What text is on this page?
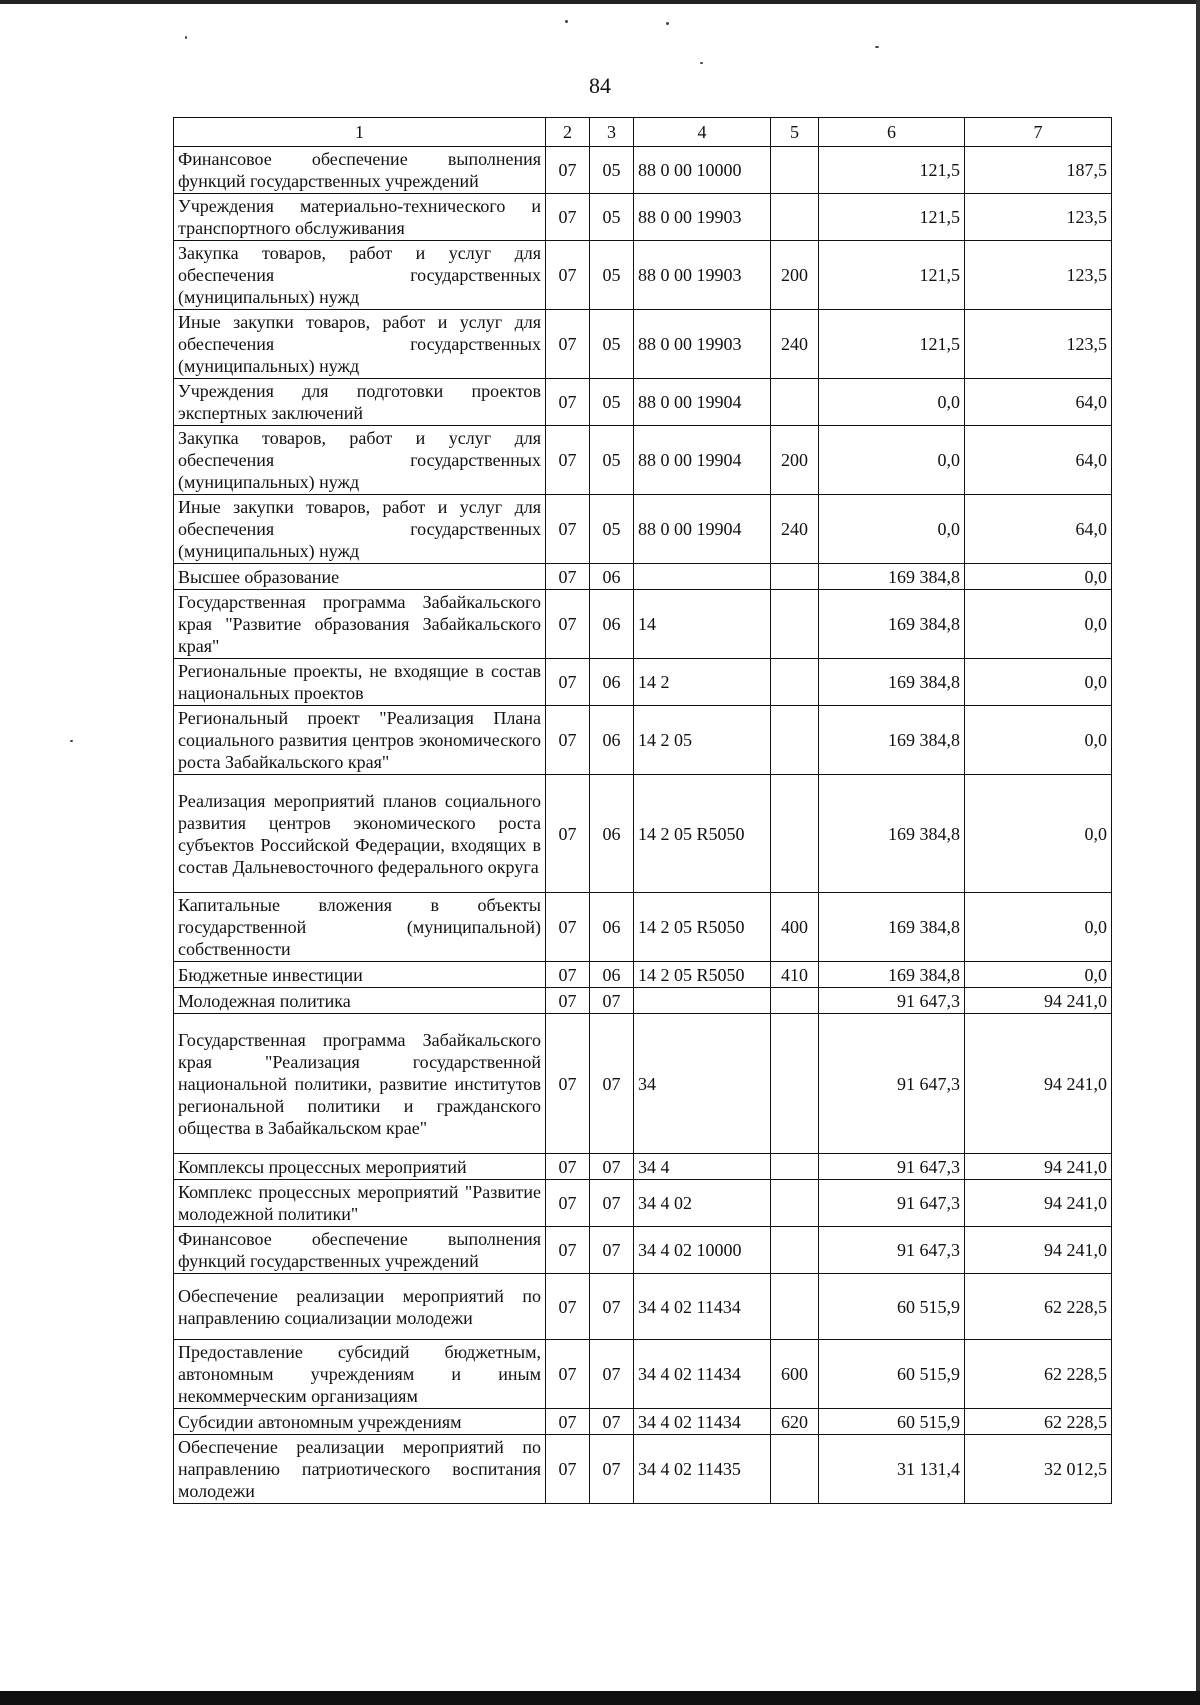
84
1	2	3	4	5	6	7
Финансовое обеспечение выполнения функций государственных учреждений	07	05	88 0 00 10000		121,5	187,5
Учреждения материально-технического и транспортного обслуживания	07	05	88 0 00 19903		121,5	123,5
Закупка товаров, работ и услуг для обеспечения государственных (муниципальных) нужд	07	05	88 0 00 19903	200	121,5	123,5
Иные закупки товаров, работ и услуг для обеспечения государственных (муниципальных) нужд	07	05	88 0 00 19903	240	121,5	123,5
Учреждения для подготовки проектов экспертных заключений	07	05	88 0 00 19904		0,0	64,0
Закупка товаров, работ и услуг для обеспечения государственных (муниципальных) нужд	07	05	88 0 00 19904	200	0,0	64,0
Иные закупки товаров, работ и услуг для обеспечения государственных (муниципальных) нужд	07	05	88 0 00 19904	240	0,0	64,0
Высшее образование	07	06			169 384,8	0,0
Государственная программа Забайкальского края "Развитие образования Забайкальского края"	07	06	14		169 384,8	0,0
Региональные проекты, не входящие в состав национальных проектов	07	06	14 2		169 384,8	0,0
Региональный проект "Реализация Плана социального развития центров экономического роста Забайкальского края"	07	06	14 2 05		169 384,8	0,0
Реализация мероприятий планов социального развития центров экономического роста субъектов Российской Федерации, входящих в состав Дальневосточного федерального округа	07	06	14 2 05 R5050		169 384,8	0,0
Капитальные вложения в объекты государственной (муниципальной) собственности	07	06	14 2 05 R5050	400	169 384,8	0,0
Бюджетные инвестиции	07	06	14 2 05 R5050	410	169 384,8	0,0
Молодежная политика	07	07			91 647,3	94 241,0
Государственная программа Забайкальского края "Реализация государственной национальной политики, развитие институтов региональной политики и гражданского общества в Забайкальском крае"	07	07	34		91 647,3	94 241,0
Комплексы процессных мероприятий	07	07	34 4		91 647,3	94 241,0
Комплекс процессных мероприятий "Развитие молодежной политики"	07	07	34 4 02		91 647,3	94 241,0
Финансовое обеспечение выполнения функций государственных учреждений	07	07	34 4 02 10000		91 647,3	94 241,0
Обеспечение реализации мероприятий по направлению социализации молодежи	07	07	34 4 02 11434		60 515,9	62 228,5
Предоставление субсидий бюджетным, автономным учреждениям и иным некоммерческим организациям	07	07	34 4 02 11434	600	60 515,9	62 228,5
Субсидии автономным учреждениям	07	07	34 4 02 11434	620	60 515,9	62 228,5
Обеспечение реализации мероприятий по направлению патриотического воспитания молодежи	07	07	34 4 02 11435		31 131,4	32 012,5
